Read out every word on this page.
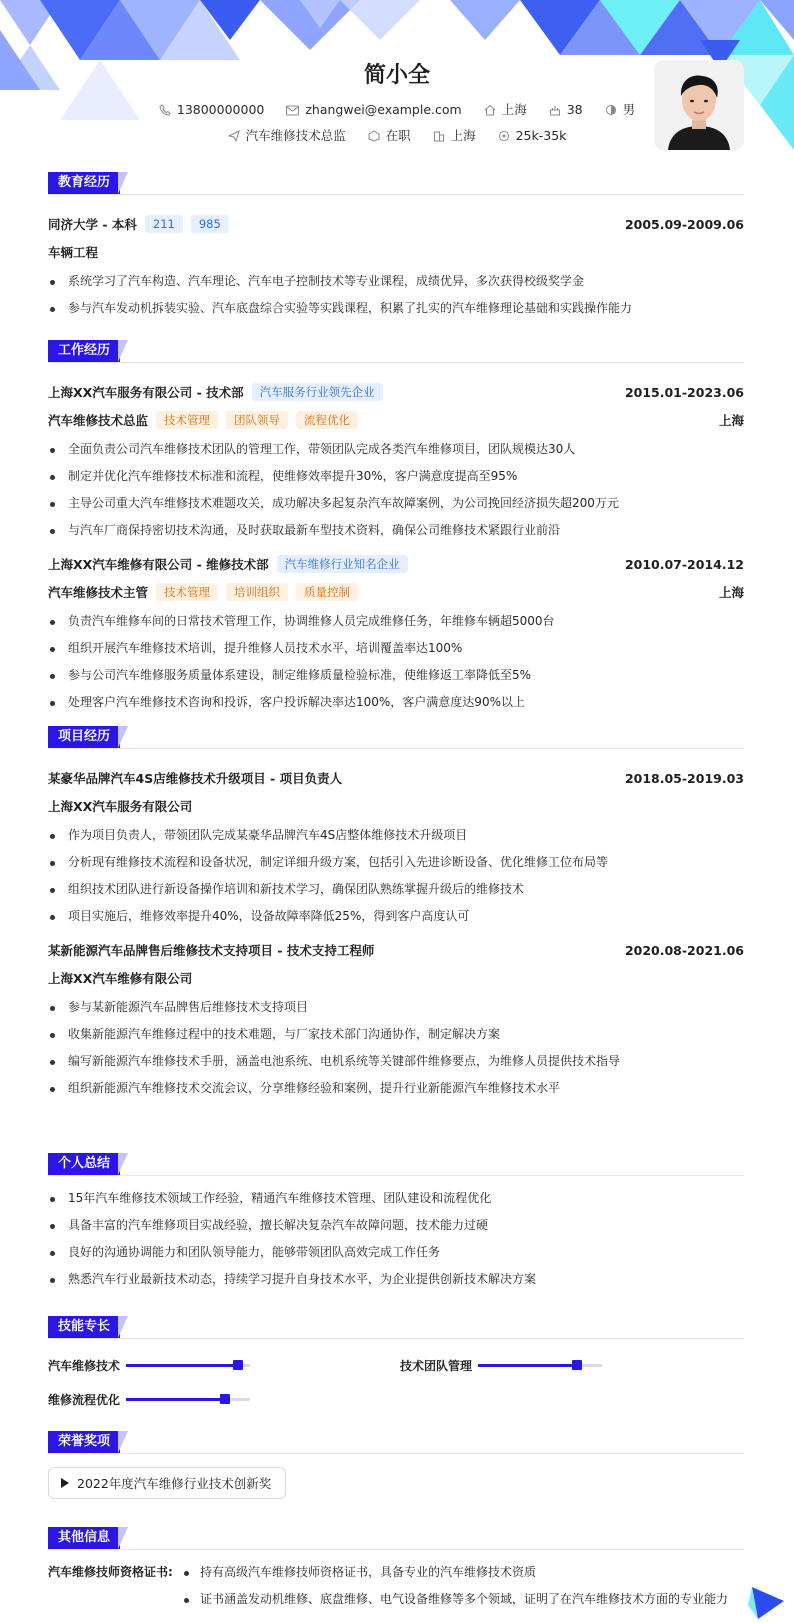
简小全
13800000000	zhangwei@example.com	上海	38	男
汽车维修技术总监	在职	上海	25k-35k
教育经历
同济大学 - 本科	211	985	2005.09-2009.06
车辆工程
系统学习了汽车构造、汽车理论、汽车电子控制技术等专业课程，成绩优异，多次获得校级奖学金
参与汽车发动机拆装实验、汽车底盘综合实验等实践课程，积累了扎实的汽车维修理论基础和实践操作能力
工作经历
上海XX汽车服务有限公司 - 技术部	汽车服务行业领先企业	2015.01-2023.06
汽车维修技术总监	技术管理	团队领导	流程优化	上海
全面负责公司汽车维修技术团队的管理工作，带领团队完成各类汽车维修项目，团队规模达30人
制定并优化汽车维修技术标准和流程，使维修效率提升30%，客户满意度提高至95%
主导公司重大汽车维修技术难题攻关，成功解决多起复杂汽车故障案例，为公司挽回经济损失超200万元
与汽车厂商保持密切技术沟通，及时获取最新车型技术资料，确保公司维修技术紧跟行业前沿
上海XX汽车维修有限公司 - 维修技术部	汽车维修行业知名企业	2010.07-2014.12
汽车维修技术主管	技术管理	培训组织	质量控制	上海
负责汽车维修车间的日常技术管理工作，协调维修人员完成维修任务，年维修车辆超5000台
组织开展汽车维修技术培训，提升维修人员技术水平，培训覆盖率达100%
参与公司汽车维修服务质量体系建设，制定维修质量检验标准，使维修返工率降低至5%
处理客户汽车维修技术咨询和投诉，客户投诉解决率达100%，客户满意度达90%以上
项目经历
某豪华品牌汽车4S店维修技术升级项目 - 项目负责人	2018.05-2019.03
上海XX汽车服务有限公司
作为项目负责人，带领团队完成某豪华品牌汽车4S店整体维修技术升级项目
分析现有维修技术流程和设备状况，制定详细升级方案，包括引入先进诊断设备、优化维修工位布局等
组织技术团队进行新设备操作培训和新技术学习，确保团队熟练掌握升级后的维修技术
项目实施后，维修效率提升40%，设备故障率降低25%，得到客户高度认可
某新能源汽车品牌售后维修技术支持项目 - 技术支持工程师	2020.08-2021.06
上海XX汽车维修有限公司
参与某新能源汽车品牌售后维修技术支持项目
收集新能源汽车维修过程中的技术难题，与厂家技术部门沟通协作，制定解决方案
编写新能源汽车维修技术手册，涵盖电池系统、电机系统等关键部件维修要点，为维修人员提供技术指导
组织新能源汽车维修技术交流会议，分享维修经验和案例，提升行业新能源汽车维修技术水平
个人总结
15年汽车维修技术领域工作经验，精通汽车维修技术管理、团队建设和流程优化
具备丰富的汽车维修项目实战经验，擅长解决复杂汽车故障问题，技术能力过硬
良好的沟通协调能力和团队领导能力，能够带领团队高效完成工作任务
熟悉汽车行业最新技术动态，持续学习提升自身技术水平，为企业提供创新技术解决方案
技能专长
汽车维修技术	技术团队管理
维修流程优化
荣誉奖项
2022年度汽车维修行业技术创新奖
其他信息
汽车维修技师资格证书:	持有高级汽车维修技师资格证书，具备专业的汽车维修技术资质
证书涵盖发动机维修、底盘维修、电气设备维修等多个领域，证明了在汽车维修技术方面的专业能力
